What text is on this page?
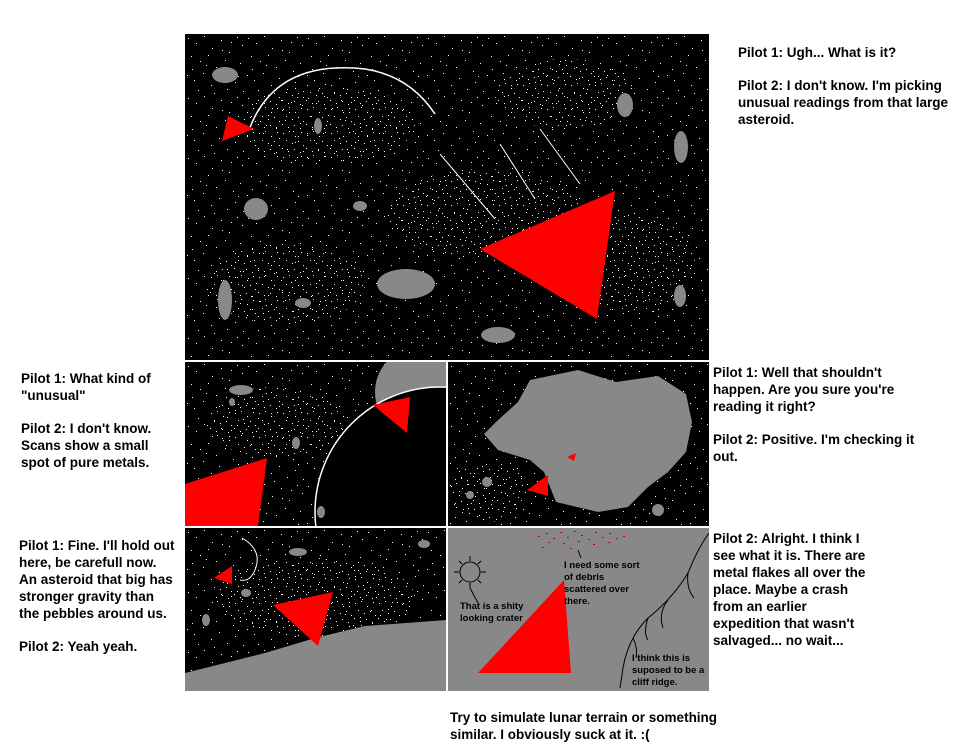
That is a shity looking crater
I need some sort of debris scattered over there.
I think this is suposed to be a cliff ridge.

Pilot 1: Ugh... What is it?

Pilot 2: I don't know. I'm picking
unusual readings from that large
asteroid.

Pilot 1: What kind of
"unusual"

Pilot 2: I don't know.
Scans show a small
spot of pure metals.

Pilot 1: Well that shouldn't
happen. Are you sure you're
reading it right?

Pilot 2: Positive. I'm checking it
out.

Pilot 1: Fine. I'll hold out
here, be carefull now.
An asteroid that big has
stronger gravity than
the pebbles around us.

Pilot 2: Yeah yeah.

Pilot 2: Alright. I think I
see what it is. There are
metal flakes all over the
place. Maybe a crash
from an earlier
expedition that wasn't
salvaged... no wait...

Try to simulate lunar terrain or something
similar. I obviously suck at it. :(
